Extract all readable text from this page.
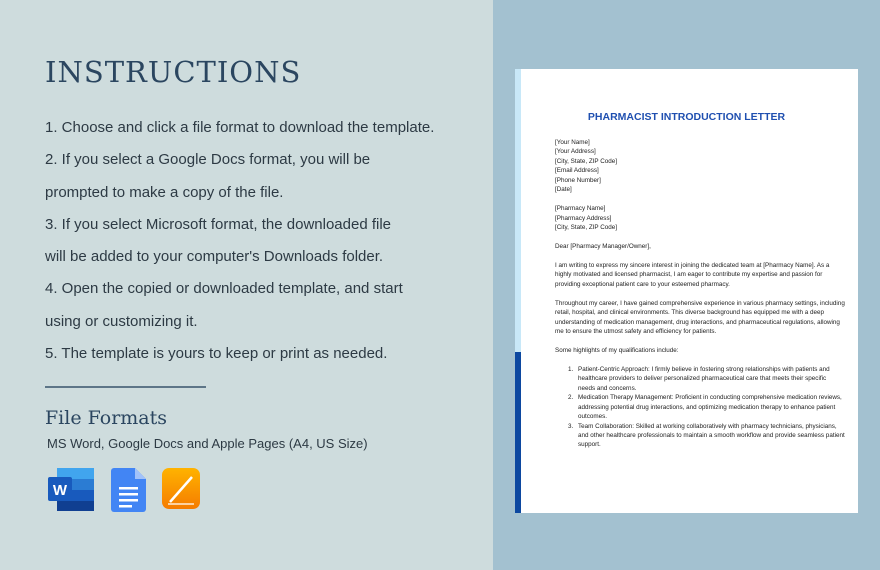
INSTRUCTIONS
1. Choose and click a file format to download the template.
2. If you select a Google Docs format, you will be
prompted to make a copy of the file.
3. If you select Microsoft format, the downloaded file
will be added to your computer's Downloads folder.
4. Open the copied or downloaded template, and start
using or customizing it.
5. The template is yours to keep or print as needed.
File Formats
MS Word, Google Docs and Apple Pages (A4, US Size)
W
PHARMACIST INTRODUCTION LETTER

[Your Name]
[Your Address]
[City, State, ZIP Code]
[Email Address]
[Phone Number]
[Date]

[Pharmacy Name]
[Pharmacy Address]
[City, State, ZIP Code]

Dear [Pharmacy Manager/Owner],

I am writing to express my sincere interest in joining the dedicated team at [Pharmacy Name]. As a highly motivated and licensed pharmacist, I am eager to contribute my expertise and passion for providing exceptional patient care to your esteemed pharmacy.

Throughout my career, I have gained comprehensive experience in various pharmacy settings, including retail, hospital, and clinical environments. This diverse background has equipped me with a deep understanding of medication management, drug interactions, and pharmaceutical regulations, allowing me to ensure the utmost safety and efficiency for patients.

Some highlights of my qualifications include:

1. Patient-Centric Approach: I firmly believe in fostering strong relationships with patients and healthcare providers to deliver personalized pharmaceutical care that meets their specific needs and concerns.
2. Medication Therapy Management: Proficient in conducting comprehensive medication reviews, addressing potential drug interactions, and optimizing medication therapy to enhance patient outcomes.
3. Team Collaboration: Skilled at working collaboratively with pharmacy technicians, physicians, and other healthcare professionals to maintain a smooth workflow and provide seamless patient support.
